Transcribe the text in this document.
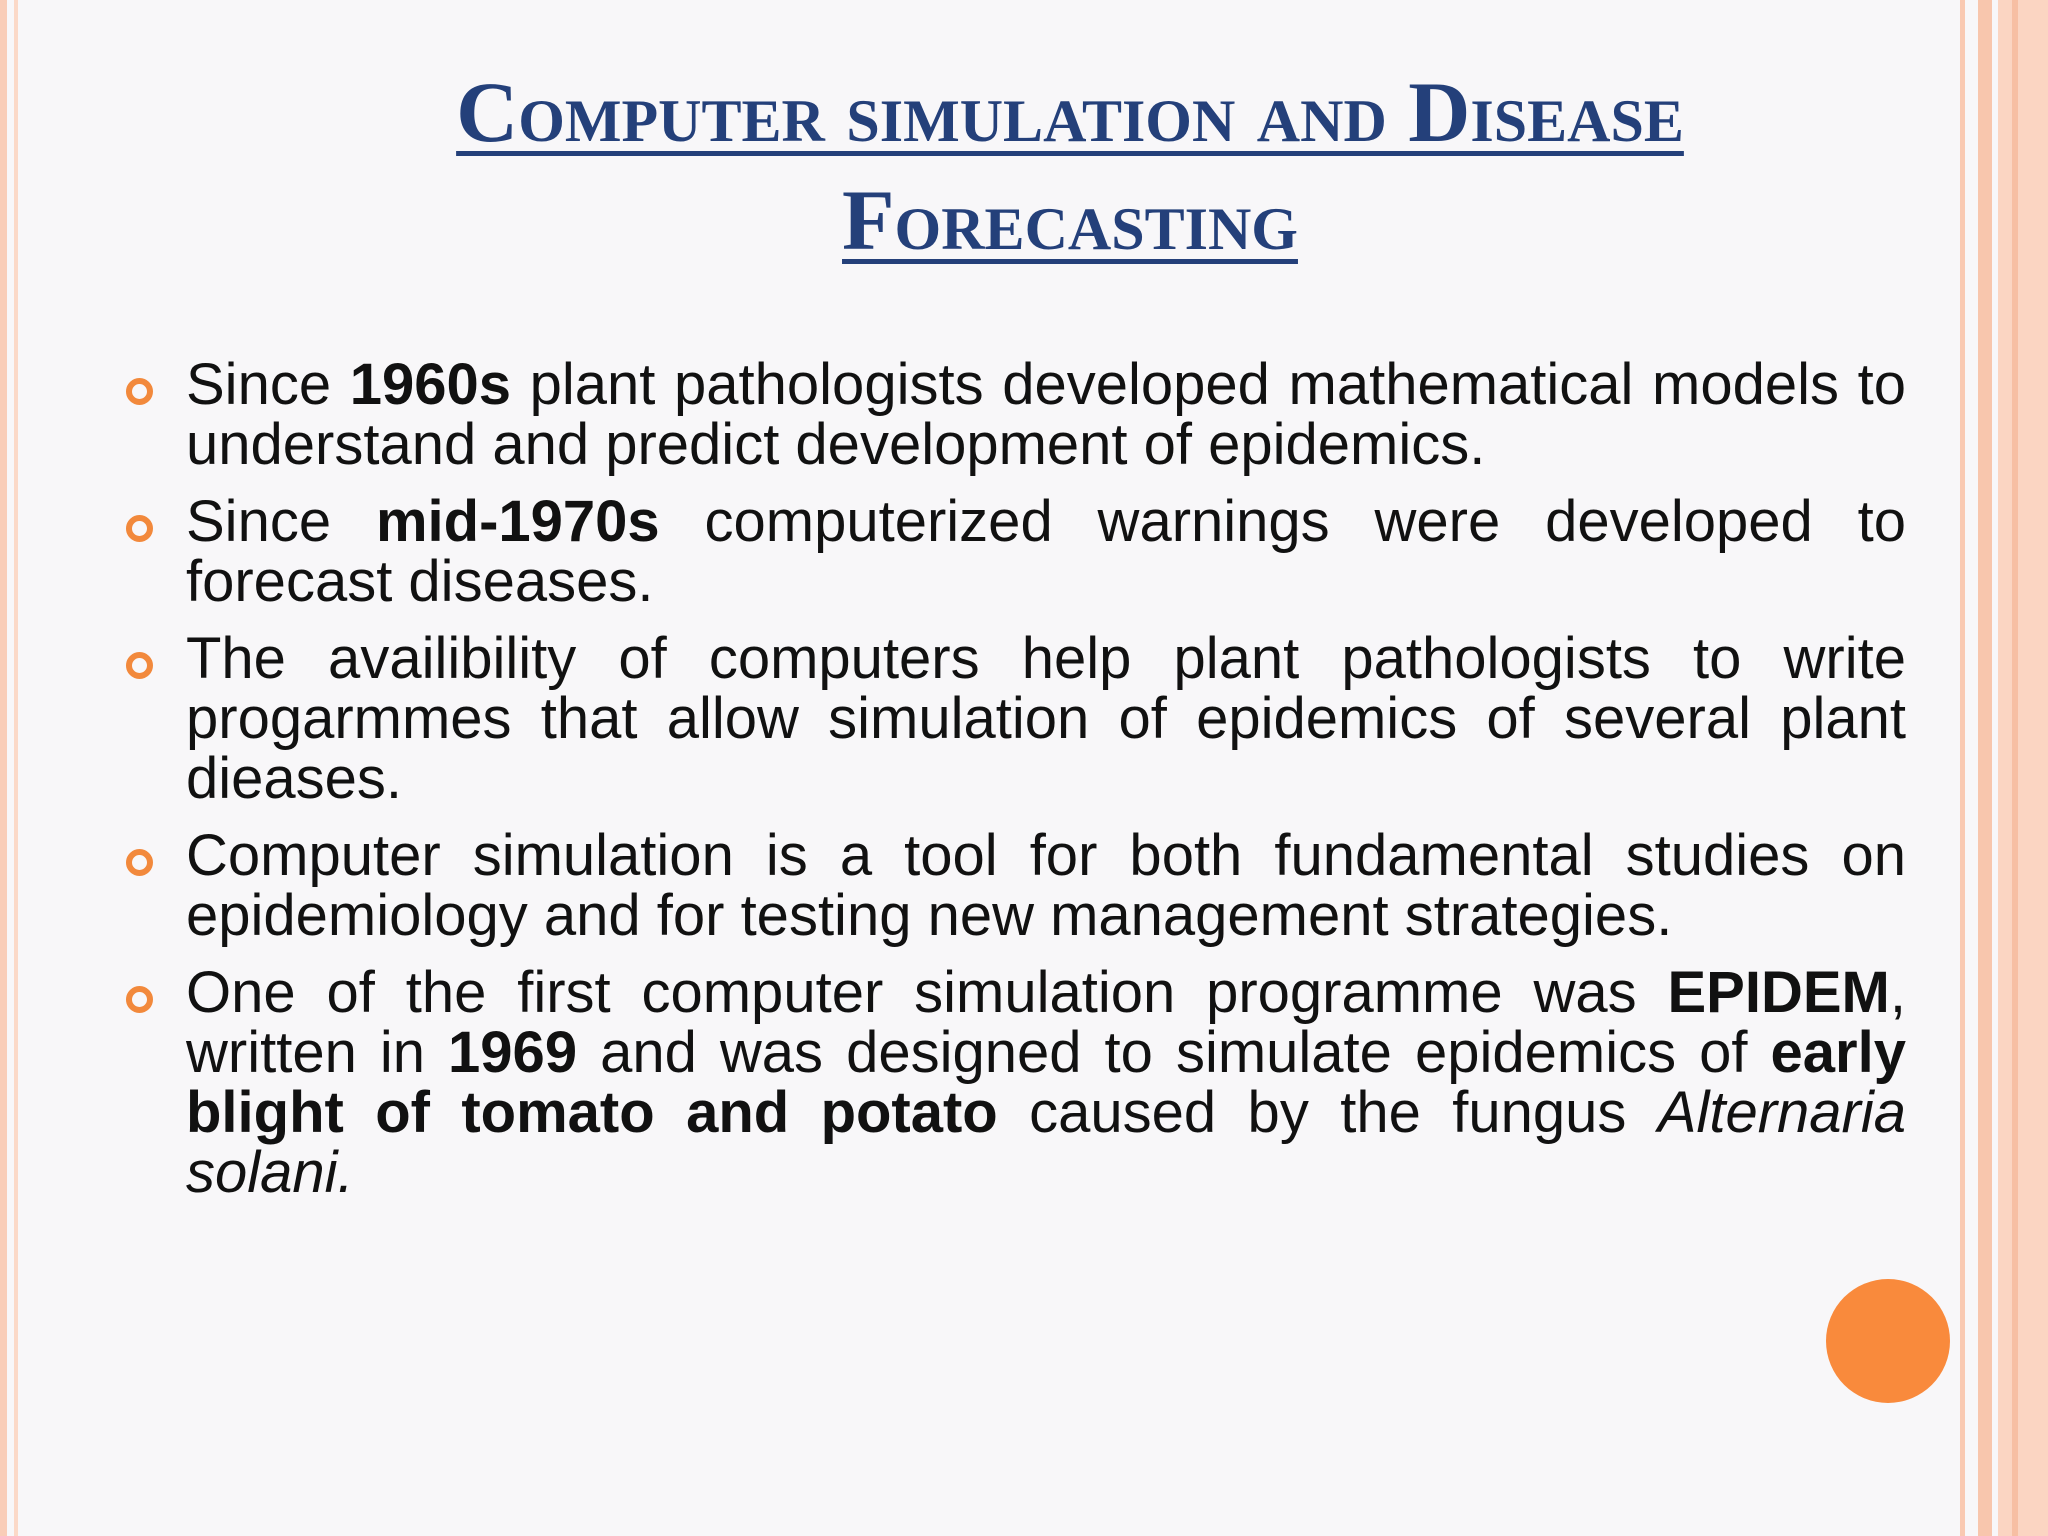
Computer simulation and Disease
Forecasting
Since 1960s plant pathologists developed mathematical models to understand and predict development of epidemics.
Since mid-1970s computerized warnings were developed to forecast diseases.
The availibility of computers help plant pathologists to write progarmmes that allow simulation of epidemics of several plant dieases.
Computer simulation is a tool for both fundamental studies on epidemiology and for testing new management strategies.
One of the first computer simulation programme was EPIDEM, written in 1969 and was designed to simulate epidemics of early blight of tomato and potato caused by the fungus Alternaria solani.
